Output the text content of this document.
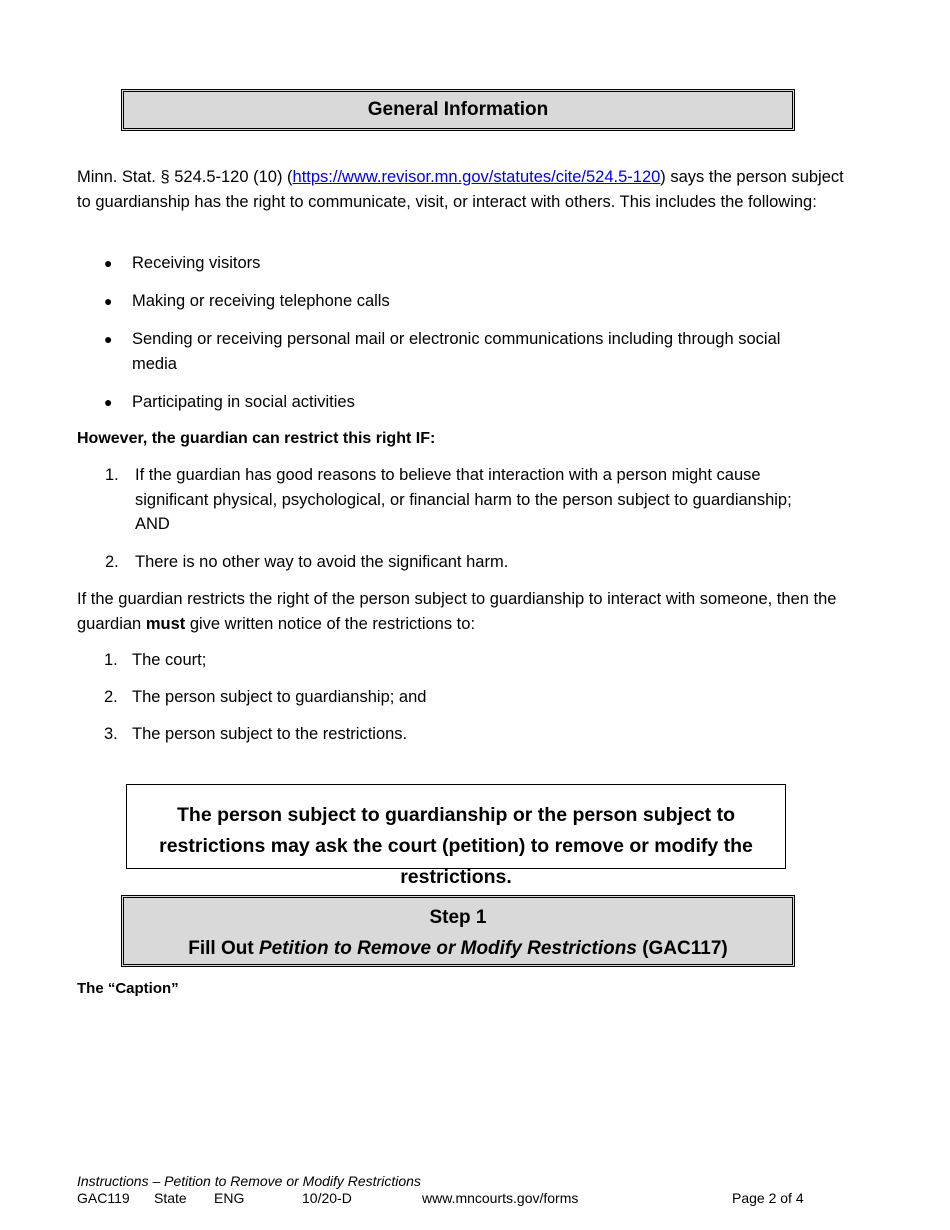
General Information

Minn. Stat. § 524.5-120 (10) (https://www.revisor.mn.gov/statutes/cite/524.5-120) says the person subject to guardianship has the right to communicate, visit, or interact with others. This includes the following:

● Receiving visitors
● Making or receiving telephone calls
● Sending or receiving personal mail or electronic communications including through social media
● Participating in social activities
However, the guardian can restrict this right IF:
1. If the guardian has good reasons to believe that interaction with a person might cause significant physical, psychological, or financial harm to the person subject to guardianship; AND
2. There is no other way to avoid the significant harm.

If the guardian restricts the right of the person subject to guardianship to interact with someone, then the guardian must give written notice of the restrictions to:

1. The court;
2. The person subject to guardianship; and
3. The person subject to the restrictions.
The person subject to guardianship or the person subject to restrictions may ask the court (petition) to remove or modify the restrictions.
Step 1
Fill Out Petition to Remove or Modify Restrictions (GAC117)
The “Caption”
Instructions – Petition to Remove or Modify Restrictions
GAC119 State ENG	10/20-D	www.mncourts.gov/forms	Page 2 of 4
